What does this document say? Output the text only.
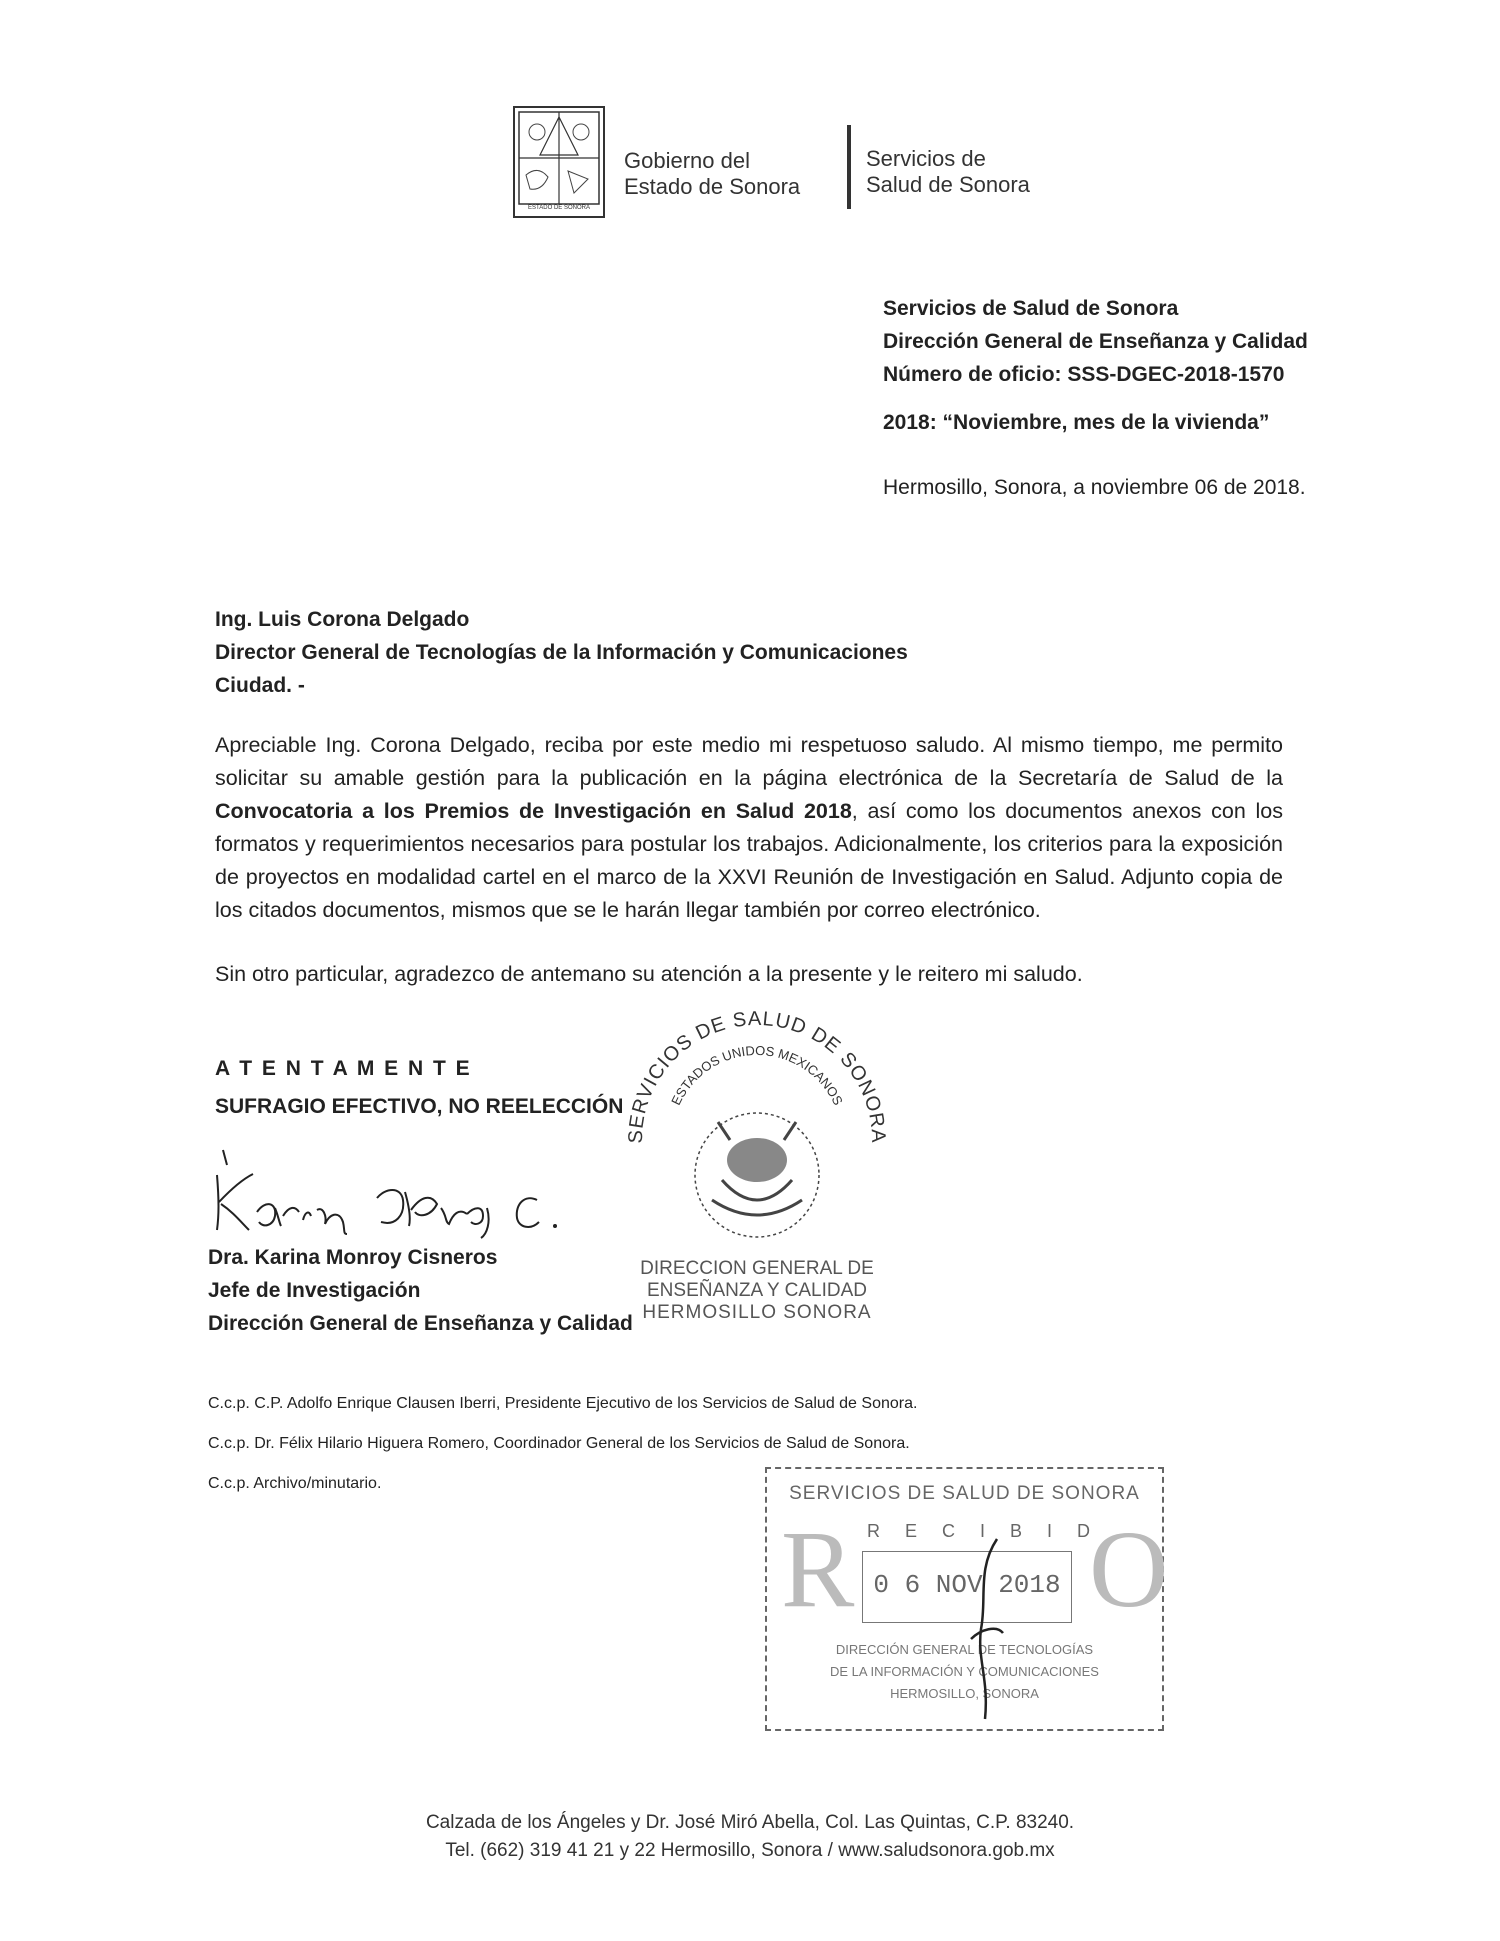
ESTADO DE SONORA
Gobierno del
Estado de Sonora
Servicios de
Salud de Sonora
Servicios de Salud de Sonora
Dirección General de Enseñanza y Calidad
Número de oficio: SSS-DGEC-2018-1570
2018: “Noviembre, mes de la vivienda”
Hermosillo, Sonora, a noviembre 06 de 2018.
Ing. Luis Corona Delgado
Director General de Tecnologías de la Información y Comunicaciones
Ciudad. -
Apreciable Ing. Corona Delgado, reciba por este medio mi respetuoso saludo. Al mismo tiempo, me permito solicitar su amable gestión para la publicación en la página electrónica de la Secretaría de Salud de la Convocatoria a los Premios de Investigación en Salud 2018, así como los documentos anexos con los formatos y requerimientos necesarios para postular los trabajos. Adicionalmente, los criterios para la exposición de proyectos en modalidad cartel en el marco de la XXVI Reunión de Investigación en Salud. Adjunto copia de los citados documentos, mismos que se le harán llegar también por correo electrónico.
Sin otro particular, agradezco de antemano su atención a la presente y le reitero mi saludo.
A T E N T A M E N T E
SUFRAGIO EFECTIVO, NO REELECCIÓN
Dra. Karina Monroy Cisneros
Jefe de Investigación
Dirección General de Enseñanza y Calidad
SERVICIOS DE SALUD DE SONORA
ESTADOS UNIDOS MEXICANOS
DIRECCION GENERAL DE
ENSEÑANZA Y CALIDAD
HERMOSILLO SONORA
C.c.p. C.P. Adolfo Enrique Clausen Iberri, Presidente Ejecutivo de los Servicios de Salud de Sonora.
C.c.p. Dr. Félix Hilario Higuera Romero, Coordinador General de los Servicios de Salud de Sonora.
C.c.p. Archivo/minutario.	SERVICIOS DE SALUD DE SONORA
R O
R E C I B I D
0 6 NOV 2018
DIRECCIÓN GENERAL DE TECNOLOGÍAS
DE LA INFORMACIÓN Y COMUNICACIONES
HERMOSILLO, SONORA
Calzada de los Ángeles y Dr. José Miró Abella, Col. Las Quintas, C.P. 83240.
Tel. (662) 319 41 21 y 22 Hermosillo, Sonora / www.saludsonora.gob.mx
